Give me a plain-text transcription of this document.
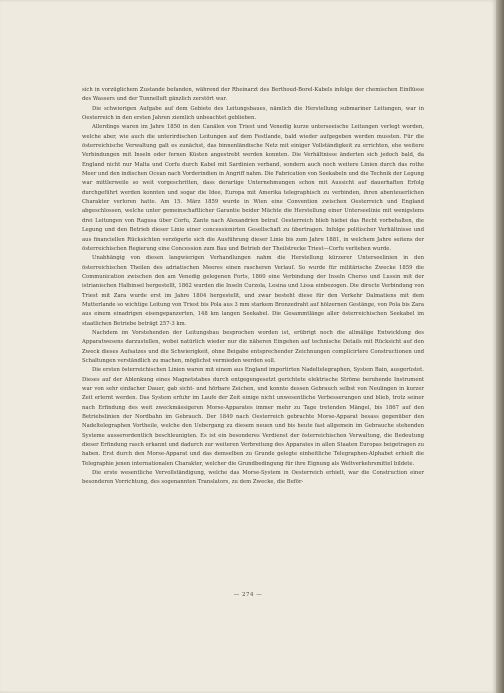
sich in vorzüglichem Zustande befanden, während der Rheinarzt des Berthoud-Borel-Kabels infolge der chemischen Einflüsse des Wassers und der Tunnelluft gänzlich zerstört war.

Die schwierigen Aufgabe auf dem Gebiete des Leitungsbaues, nämlich die Herstellung submariner Leitungen, war in Oesterreich in den ersten Jahren ziemlich unbeachtet geblieben.

Allerdings waren im Jahre 1850 in den Canälen von Triest und Venedig kurze unterseeische Leitungen verlegt worden, welche aber, wie auch die unterirdischen Leitungen auf dem Festlande, bald wieder aufgegeben werden mussten. Für die österreichische Verwaltung galt es zunächst, das binnenländische Netz mit einiger Vollständigkeit zu errichten, ehe weitere Verbindungen mit Inseln oder fernen Küsten angestrebt werden konnten. Die Verhältnisse änderten sich jedoch bald, da England nicht nur Malta und Corfu durch Kabel mit Sardinien verband, sondern auch noch weitere Linien durch das rothe Meer und den indischen Ocean nach Vorderindien in Angriff nahm. Die Fabrication von Seekabeln und die Technik der Legung war mittlerweile so weit vorgeschritten, dass derartige Unternehmungen schon mit Aussicht auf dauerhaften Erfolg durchgeführt werden konnten und sogar die Idee, Europa mit Amerika telegraphisch zu verbinden, ihren abenteuerlichen Charakter verloren hatte. Am 15. März 1859 wurde in Wien eine Convention zwischen Oesterreich und England abgeschlossen, welche unter gemeinschaftlicher Garantie beider Mächte die Herstellung einer Unterseelinie mit wenigstens drei Leitungen von Ragusa über Corfu, Zante nach Alexandrien betraf. Oesterreich blieb hiebei das Recht vorbehalten, die Legung und den Betrieb dieser Linie einer concessionirten Gesellschaft zu übertragen. Infolge politischer Verhältnisse und aus financiellen Rücksichten verzögerte sich die Ausführung dieser Linie bis zum Jahre 1881, in welchem Jahre seitens der österreichischen Regierung eine Concession zum Bau und Betrieb der Theilstrecke Triest—Corfu verliehen wurde.

Unabhängig von diesen langwierigen Verhandlungen nahm die Herstellung kürzerer Unterseelinien in den österreichischen Theilen des adriatischen Meeres einen rascheren Verlauf. So wurde für militärische Zwecke 1859 die Communication zwischen den am Venedig gelegenen Forts, 1860 eine Verbindung der Inseln Cherso und Lussin mit der istrianischen Halbinsel hergestellt, 1862 wurden die Inseln Curzola, Lesina und Lissa einbezogen. Die directe Verbindung von Triest mit Zara wurde erst im Jahre 1804 hergestellt, und zwar besteht diese für den Verkehr Dalmatiens mit dem Mutterlande so wichtige Leitung von Triest bis Pola aus 3 mm starkem Bronzedraht auf hölzernen Gestänge, von Pola bis Zara aus einem einadrigen eisengepanzerten, 148 km langen Seekabel. Die Gesammtlänge aller österreichischen Seekabel im staatlichen Betriebe beträgt 257·3 km.

Nachdem im Vorstehenden der Leitungsbau besprochen worden ist, erübrigt noch die allmälige Entwicklung des Apparatwesens darzustellen, wobei natürlich wieder nur die näheren Eingehen auf technische Details mit Rücksicht auf den Zweck dieses Aufsatzes und die Schwierigkeit, ohne Beigabe entsprechender Zeichnungen complicirtere Constructionen und Schaltungen verständlich zu machen, möglichst vermieden werden soll.

Die ersten österreichischen Linien waren mit einem aus England importirten Nadeltelegraphen, System Bain, ausgerüstet. Dieses auf der Ablenkung eines Magnetstabes durch entgegengesetzt gerichtete elektrische Ströme beruhende Instrument war von sehr einfacher Dauer, gab sicht- und hörbare Zeichen, und konnte dessen Gebrauch selbst von Neulingen in kurzer Zeit erlernt werden. Das System erfuhr im Laufe der Zeit einige nicht unwesentliche Verbesserungen und blieb, trotz seiner nach Erfindung des weit zweckmässigeren Morse-Apparates immer mehr zu Tage tretenden Mängel, bis 1867 auf den Betriebslinien der Nordbahn im Gebrauch. Der 1849 nach Oesterreich gebrachte Morse-Apparat besass gegenüber den Nadeltelegraphen Vortheile, welche den Uebergang zu diesem neuen und bis heute fast allgemein im Gebrauche stehenden Systeme ausserordentlich beschleunigten. Es ist ein besonderes Verdienst der österreichischen Verwaltung, die Bedeutung dieser Erfindung rasch erkannt und dadurch zur weiteren Verbreitung des Apparates in allen Staaten Europas beigetragen zu haben. Erst durch den Morse-Apparat und das demselben zu Grunde gelegte einheitliche Telegraphen-Alphabet erhielt die Telegraphie jenen internationalen Charakter, welcher die Grundbedingung für ihre Eignung als Weltverkehrsmittel bildete.

Die erste wesentliche Vervollständigung, welche das Morse-System in Oesterreich erhielt, war die Construction einer besonderen Vorrichtung, des sogenannten Translators, zu dem Zwecke, die Beför-

— 274 —
